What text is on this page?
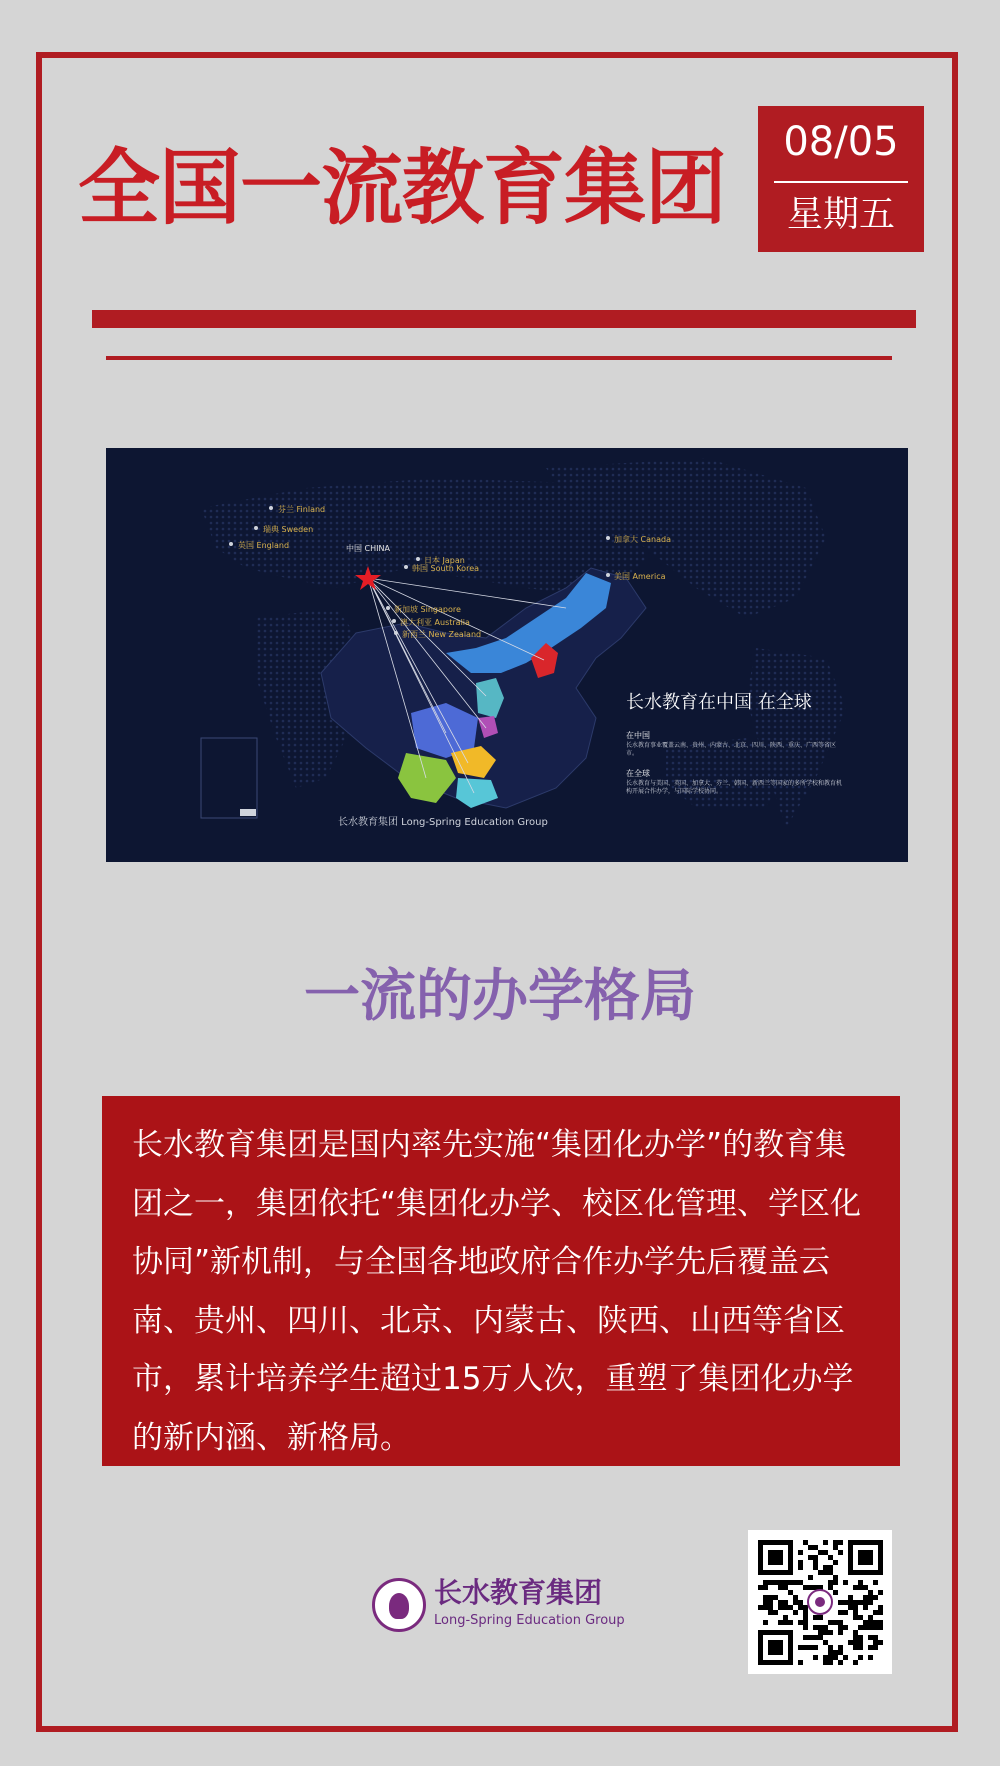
全国一流教育集团	08/05
星期五
芬兰 Finland
瑞典 Sweden
英国 England	中国 CHINA
日本 Japan
韩国 South Korea
新加坡 Singapore
澳大利亚 Australia
新西兰 New Zealand
加拿大 Canada
美国 America
长水教育在中国 在全球
在中国
长水教育事业覆盖云南、贵州、内蒙古、北京、四川、陕西、重庆、广西等省区市。
在全球
长水教育与美国、英国、加拿大、芬兰、韩国、新西兰等国家的多所学校和教育机构开展合作办学，与国际学校协同。
长水教育集团 Long-Spring Education Group
一流的办学格局
长水教育集团是国内率先实施“集团化办学”的教育集团之一，集团依托“集团化办学、校区化管理、学区化协同”新机制，与全国各地政府合作办学先后覆盖云南、贵州、四川、北京、内蒙古、陕西、山西等省区市，累计培养学生超过15万人次，重塑了集团化办学的新内涵、新格局。
长水教育集团
Long-Spring Education Group
